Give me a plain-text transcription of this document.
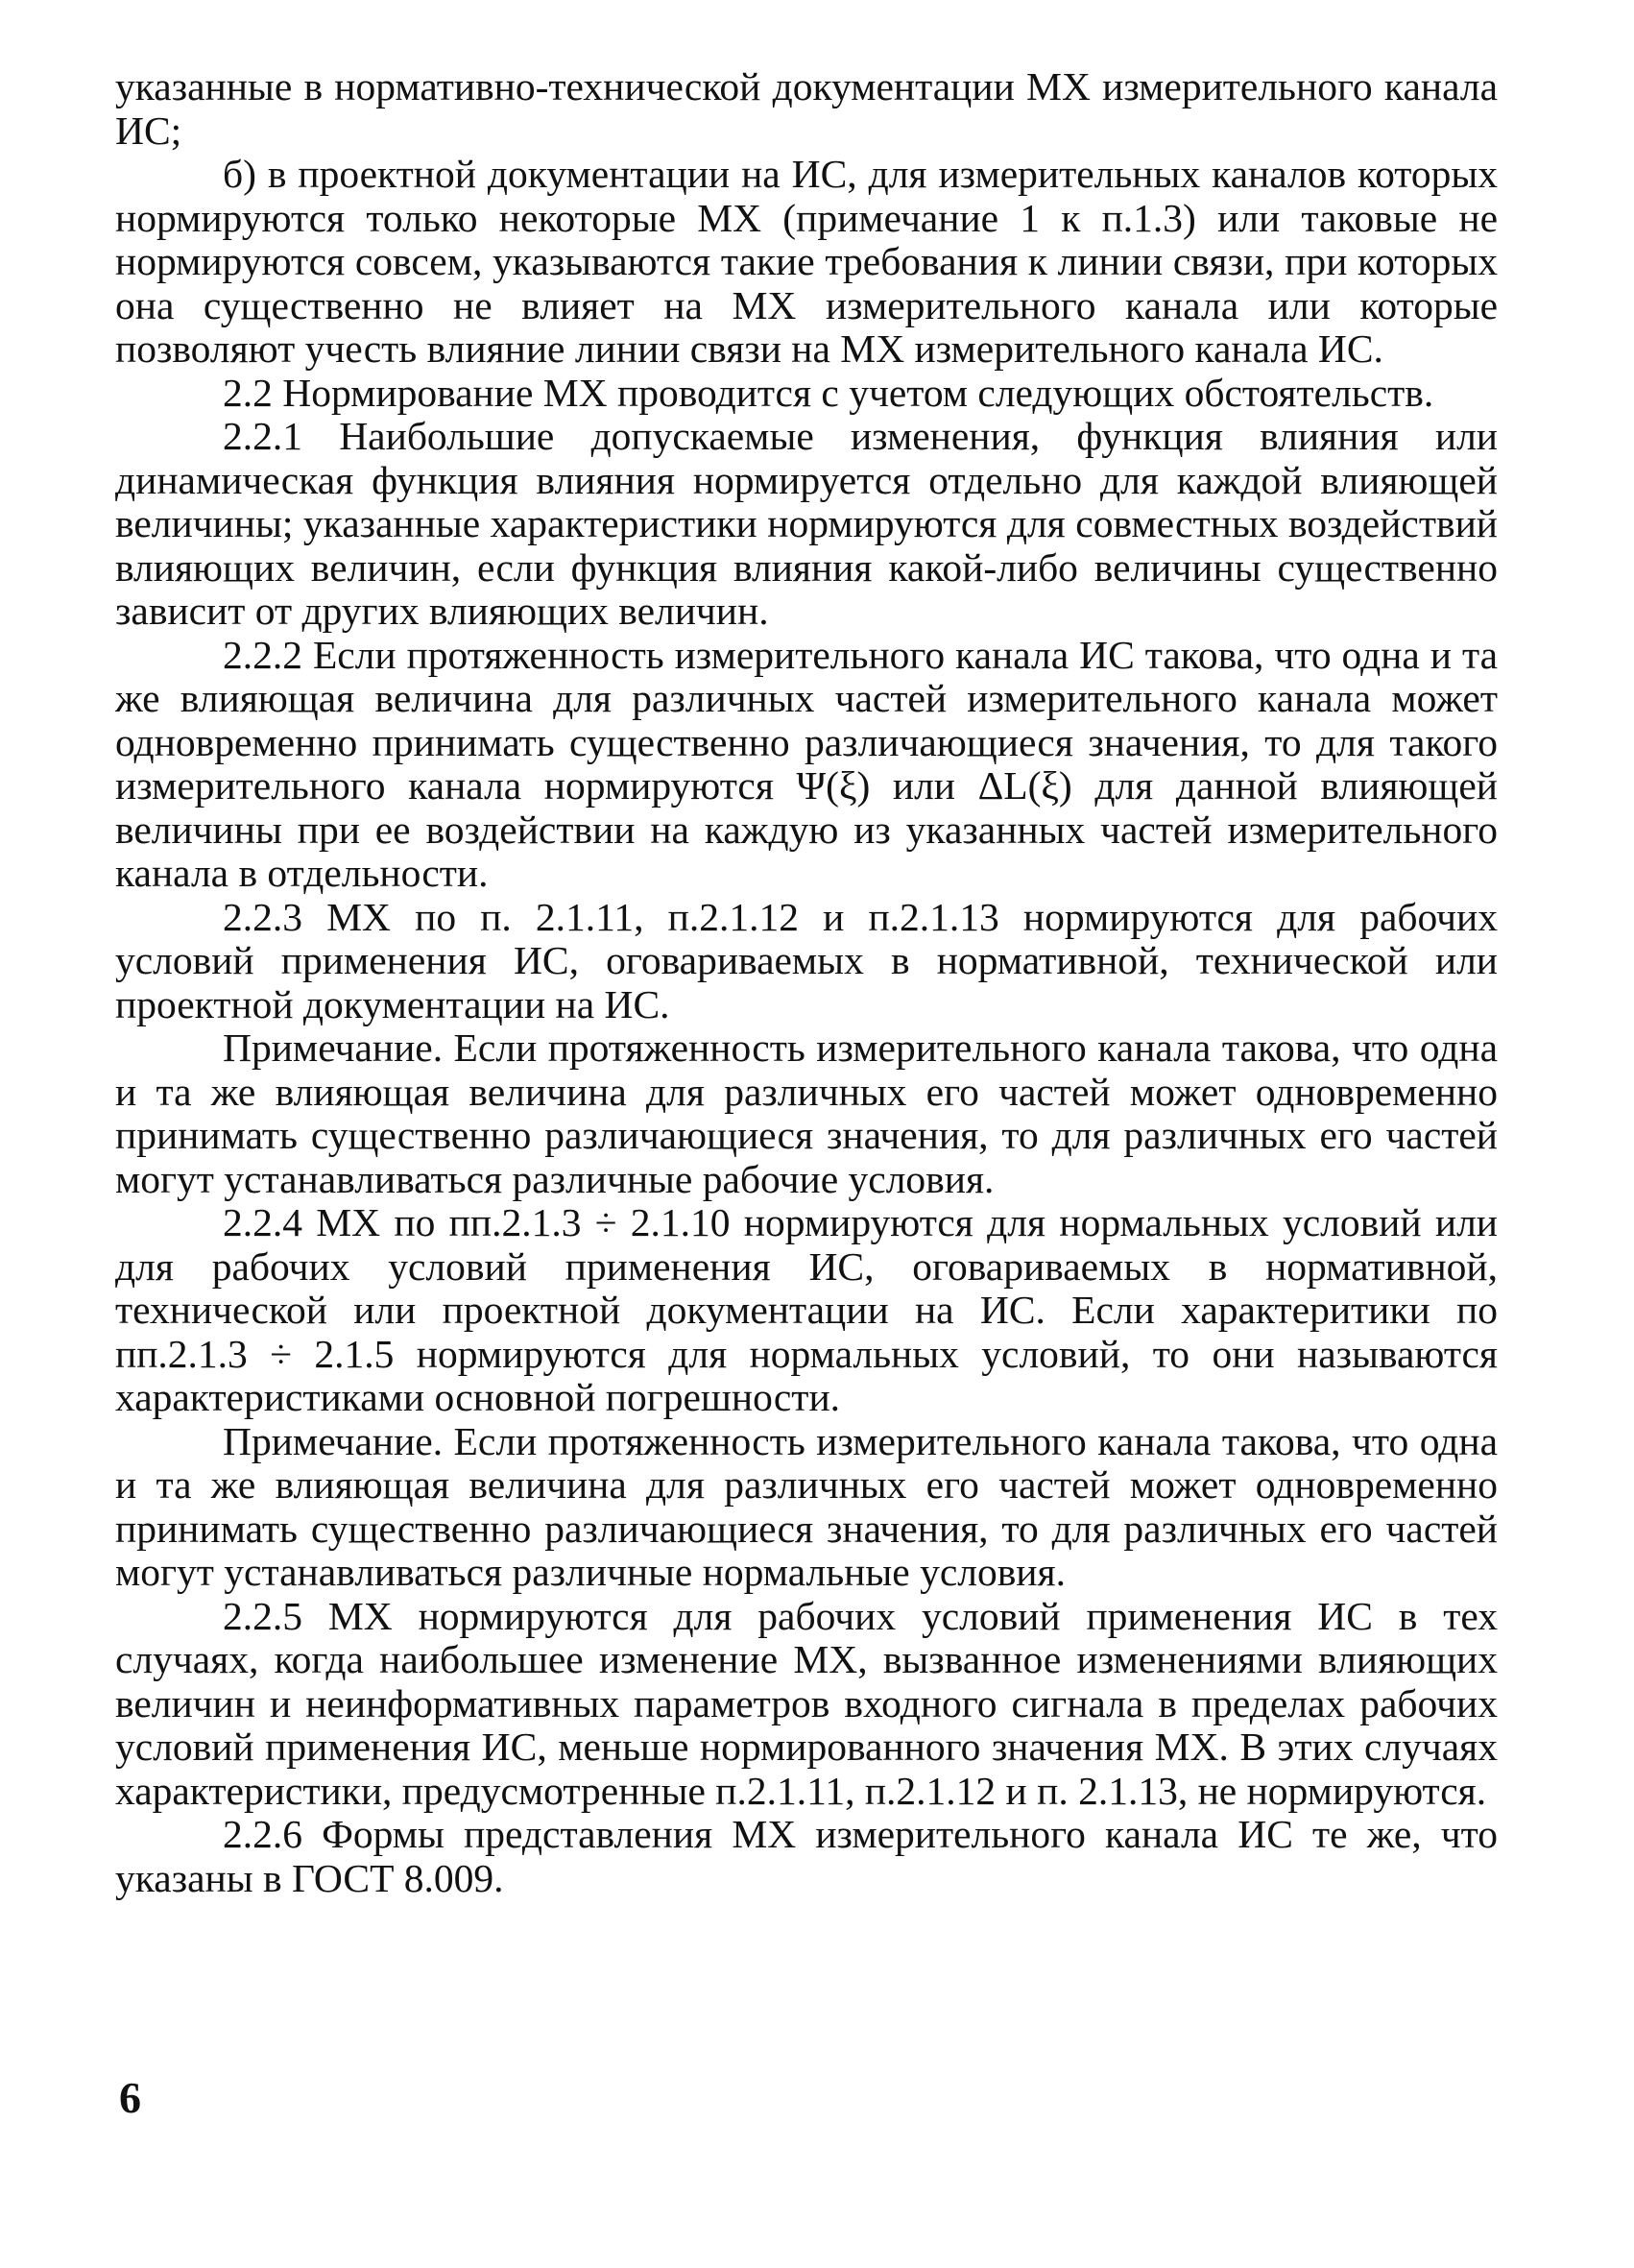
указанные в нормативно-технической документации МХ измерительного канала ИС;

б) в проектной документации на ИС, для измерительных каналов которых нормируются только некоторые МХ (примечание 1 к п.1.3) или таковые не нормируются совсем, указываются такие требования к линии связи, при которых она существенно не влияет на МХ измерительного канала или которые позволяют учесть влияние линии связи на МХ измерительного канала ИС.

2.2 Нормирование МХ проводится с учетом следующих обстоятельств.

2.2.1 Наибольшие допускаемые изменения, функция влияния или динамическая функция влияния нормируется отдельно для каждой влияющей величины; указанные характеристики нормируются для совместных воздействий влияющих величин, если функция влияния какой-либо величины существенно зависит от других влияющих величин.

2.2.2 Если протяженность измерительного канала ИС такова, что одна и та же влияющая величина для различных частей измерительного канала может одновременно принимать существенно различающиеся значения, то для такого измерительного канала нормируются Ψ(ξ) или ΔL(ξ) для данной влияющей величины при ее воздействии на каждую из указанных частей измерительного канала в отдельности.

2.2.3 МХ по п. 2.1.11, п.2.1.12 и п.2.1.13 нормируются для рабочих условий применения ИС, оговариваемых в нормативной, технической или проектной документации на ИС.

Примечание. Если протяженность измерительного канала такова, что одна и та же влияющая величина для различных его частей может одновременно принимать существенно различающиеся значения, то для различных его частей могут устанавливаться различные рабочие условия.

2.2.4 МХ по пп.2.1.3 ÷ 2.1.10 нормируются для нормальных условий или для рабочих условий применения ИС, оговариваемых в нормативной, технической или проектной документации на ИС. Если характеритики по пп.2.1.3 ÷ 2.1.5 нормируются для нормальных условий, то они называются характеристиками основной погрешности.

Примечание. Если протяженность измерительного канала такова, что одна и та же влияющая величина для различных его частей может одновременно принимать существенно различающиеся значения, то для различных его частей могут устанавливаться различные нормальные условия.

2.2.5 МХ нормируются для рабочих условий применения ИС в тех случаях, когда наибольшее изменение МХ, вызванное изменениями влияющих величин и неинформативных параметров входного сигнала в пределах рабочих условий применения ИС, меньше нормированного значения МХ. В этих случаях характеристики, предусмотренные п.2.1.11, п.2.1.12 и п. 2.1.13, не нормируются.

2.2.6 Формы представления МХ измерительного канала ИС те же, что указаны в ГОСТ 8.009.

6
